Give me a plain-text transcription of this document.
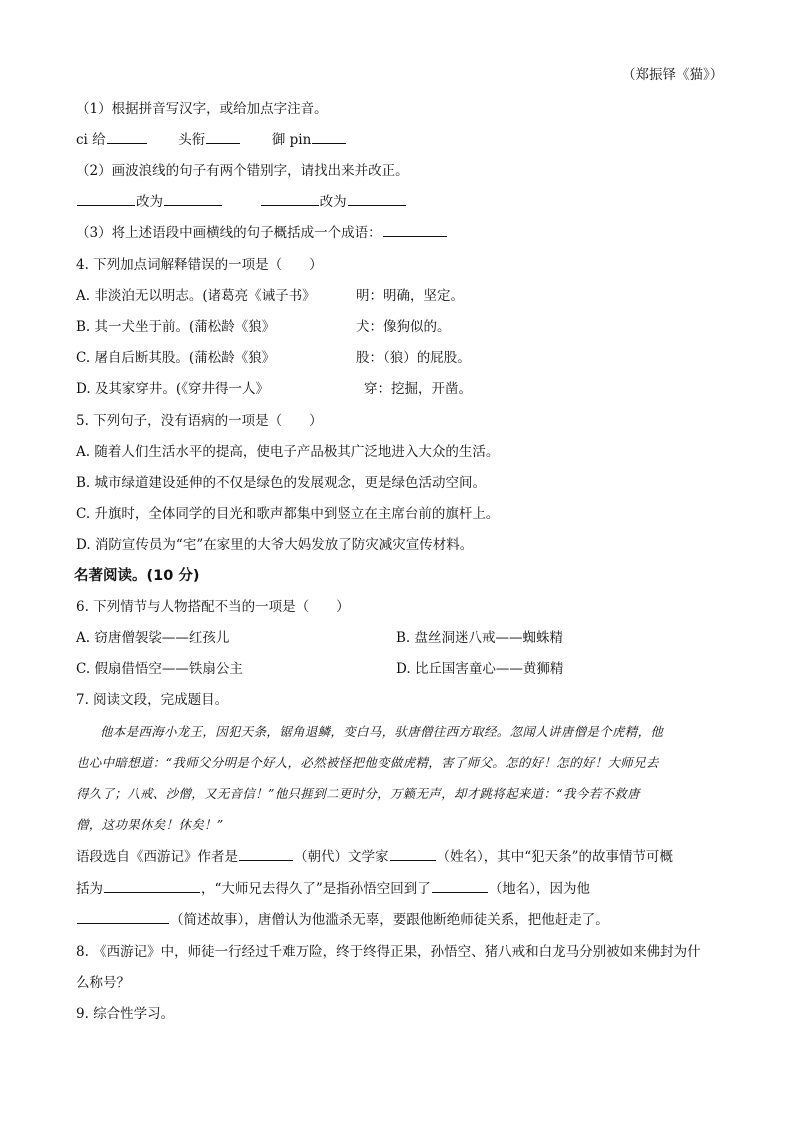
（郑振铎《猫》）
（1）根据拼音写汉字，或给加点字注音。
ci 给	头衔	御 pin
（2）画波浪线的句子有两个错别字，请找出来并改正。
改为	改为
（3）将上述语段中画横线的句子概括成一个成语：
4. 下列加点词解释错误的一项是（　　）
A. 非淡泊无以明志。(诸葛亮《诫子书》	明：明确，坚定。
B. 其一犬坐于前。(蒲松龄《狼》	犬：像狗似的。
C. 屠自后断其股。(蒲松龄《狼》	股：（狼）的屁股。
D. 及其家穿井。(《穿井得一人》	穿：挖掘，开凿。
5. 下列句子，没有语病的一项是（　　）
A. 随着人们生活水平的提高，使电子产品极其广泛地进入大众的生活。
B. 城市绿道建设延伸的不仅是绿色的发展观念，更是绿色活动空间。
C. 升旗时，全体同学的目光和歌声都集中到竖立在主席台前的旗杆上。
D. 消防宣传员为“宅”在家里的大爷大妈发放了防灾减灾宣传材料。
名著阅读。(10 分)
6. 下列情节与人物搭配不当的一项是（　　）
A. 窃唐僧袈裟——红孩儿	B. 盘丝洞迷八戒——蜘蛛精
C. 假扇借悟空——铁扇公主	D. 比丘国害童心——黄狮精
7. 阅读文段，完成题目。
他本是西海小龙王，因犯天条，锯角退鳞，变白马，驮唐僧往西方取经。忽闻人讲唐僧是个虎精，他
也心中暗想道：“我师父分明是个好人，必然被怪把他变做虎精，害了师父。怎的好！怎的好！大师兄去
得久了；八戒、沙僧，又无音信！”他只捱到二更时分，万籁无声，却才跳将起来道：“我今若不救唐
僧，这功果休矣！休矣！”
语段选自《西游记》作者是	（朝代）文学家	（姓名），其中“犯天条”的故事情节可概
括为	，“大师兄去得久了”是指孙悟空回到了	（地名），因为他
（简述故事），唐僧认为他滥杀无辜，要跟他断绝师徒关系，把他赶走了。
8. 《西游记》中，师徒一行经过千难万险，终于终得正果，孙悟空、猪八戒和白龙马分别被如来佛封为什
么称号？
9. 综合性学习。
